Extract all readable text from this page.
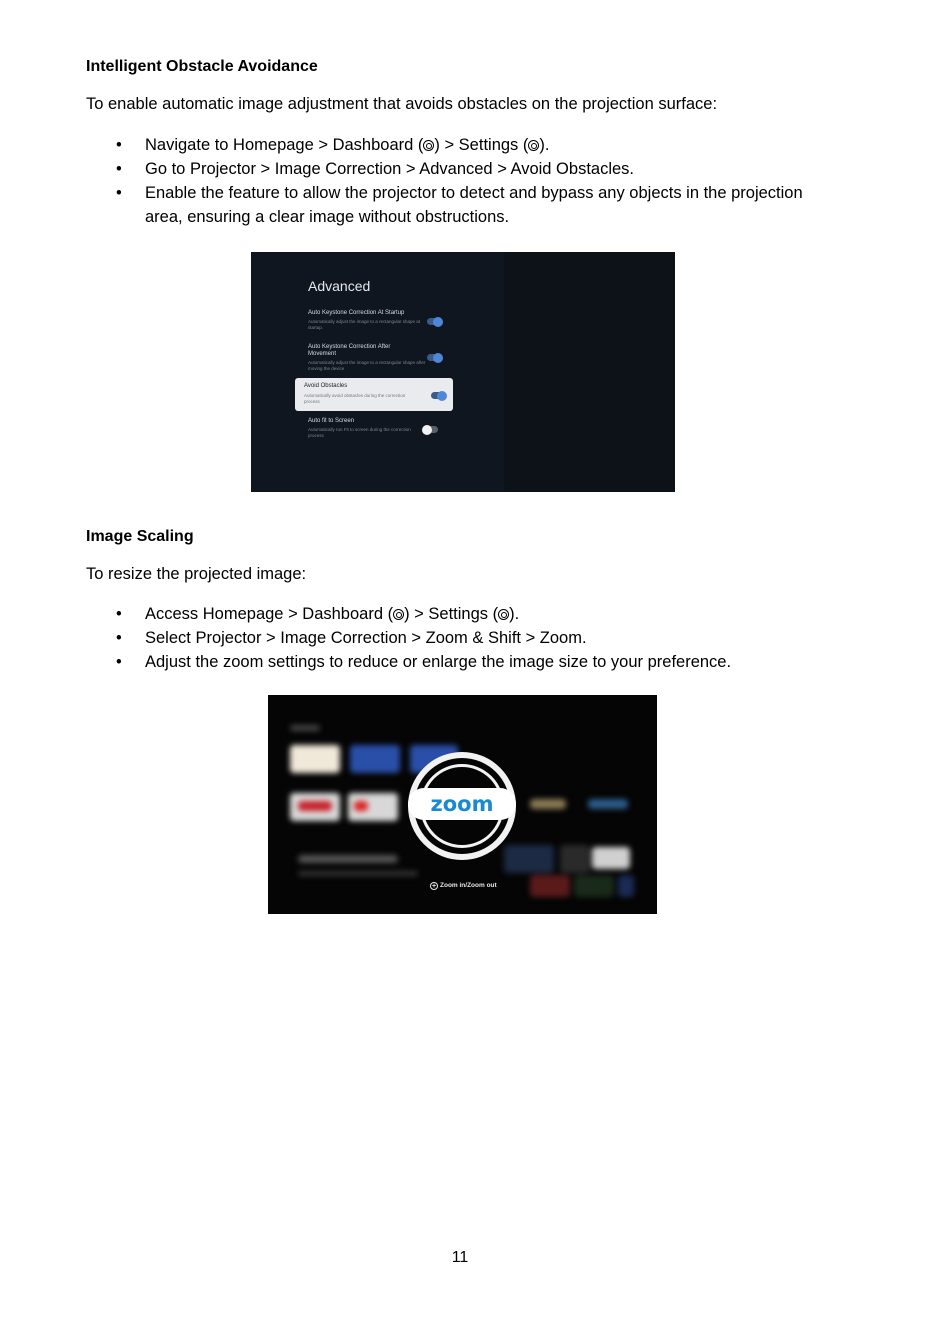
Intelligent Obstacle Avoidance
To enable automatic image adjustment that avoids obstacles on the projection surface:
• Navigate to Homepage > Dashboard ( ) > Settings ( ).
• Go to Projector > Image Correction > Advanced > Avoid Obstacles.
• Enable the feature to allow the projector to detect and bypass any objects in the projection
area, ensuring a clear image without obstructions.
Advanced
Auto Keystone Correction At Startup
Automatically adjust the image to a rectangular shape at startup.
Auto Keystone Correction After Movement
Automatically adjust the image to a rectangular shape after moving the device
Avoid Obstacles
Automatically avoid obstacles during the correction process
Auto fit to Screen
Automatically run Fit to screen during the correction process
Image Scaling
To resize the projected image:
• Access Homepage > Dashboard ( ) > Settings ( ).
• Select Projector > Image Correction > Zoom & Shift > Zoom.
• Adjust the zoom settings to reduce or enlarge the image size to your preference.
zoom
+ Zoom in/Zoom out
11
